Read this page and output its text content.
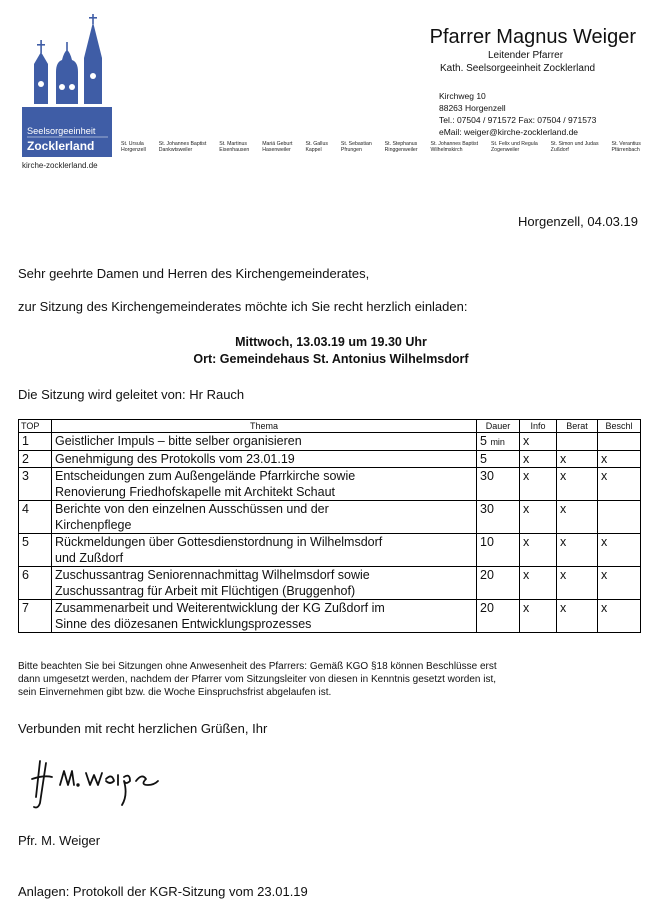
Seelsorgeeinheit
Zocklerland
kirche-zocklerland.de
Pfarrer Magnus Weiger
Leitender Pfarrer
Kath. Seelsorgeeinheit Zocklerland
Kirchweg 10
88263 Horgenzell
Tel.: 07504 / 971572 Fax: 07504 / 971573
eMail: weiger@kirche-zocklerland.de
St. Ursula
Horgenzell
St. Johannes Baptist
Dankwtsweiler
St. Martinus
Eisenhausen
Mariä Geburt
Hasenweiler
St. Gallus
Kappel
St. Sebastian
Pfrungen
St. Stephanus
Ringgenweiler
St. Johannes Baptist
Wilhelmskirch
St. Felix und Regula
Zogenweiler
St. Simon und Judas
Zußdorf
St. Verantius
Pfärrenbach
Horgenzell, 04.03.19
Sehr geehrte Damen und Herren des Kirchengemeinderates,
zur Sitzung des Kirchengemeinderates möchte ich Sie recht herzlich einladen:
Mittwoch, 13.03.19 um 19.30 Uhr
Ort: Gemeindehaus St. Antonius Wilhelmsdorf
Die Sitzung wird geleitet von: Hr Rauch
TOP	Thema	Dauer	Info	Berat	Beschl
1	Geistlicher Impuls – bitte selber organisieren	5 min	x		
2	Genehmigung des Protokolls vom 23.01.19	5	x	x	x
3	Entscheidungen zum Außengelände Pfarrkirche sowie
Renovierung Friedhofskapelle mit Architekt Schaut	30	x	x	x
4	Berichte von den einzelnen Ausschüssen und der
Kirchenpflege	30	x	x	
5	Rückmeldungen über Gottesdienstordnung in Wilhelmsdorf
und Zußdorf	10	x	x	x
6	Zuschussantrag Seniorennachmittag Wilhelmsdorf sowie
Zuschussantrag für Arbeit mit Flüchtigen (Bruggenhof)	20	x	x	x
7	Zusammenarbeit und Weiterentwicklung der KG Zußdorf im
Sinne des diözesanen Entwicklungsprozesses	20	x	x	x
Bitte beachten Sie bei Sitzungen ohne Anwesenheit des Pfarrers: Gemäß KGO §18 können Beschlüsse erst
dann umgesetzt werden, nachdem der Pfarrer vom Sitzungsleiter von diesen in Kenntnis gesetzt worden ist,
sein Einvernehmen gibt bzw. die Woche Einspruchsfrist abgelaufen ist.
Verbunden mit recht herzlichen Grüßen, Ihr
Pfr. M. Weiger
Anlagen: Protokoll der KGR-Sitzung vom 23.01.19
